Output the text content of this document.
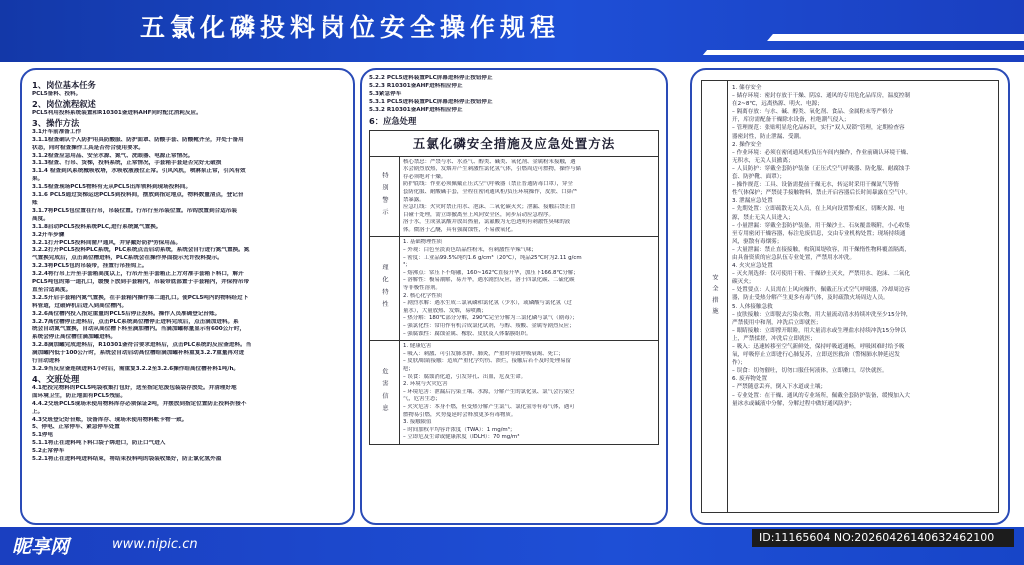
五氯化磷投料岗位安全操作规程
1、岗位基本任务
PCL5备料、投料。
2、岗位流程叙述
PCL5利用投料系统装置和R10301釜进料AHF同时配比消耗反应。
3、操作方法
3.1开车前准备工作
3.1.1检查确认个人防护用具防酸服、防护面罩、防酸手套、防酸靴齐全，并处于备用
状态，同时检查操作工具是否符合使用要求。
3.1.2检查应急用品、安全水源、氮气、洗眼器、电源正常情况。
3.1.3检查、行吊、货梯，投料系统，正常情况，手套箱手套是否完好无破损
3.1.4 检查到风系统械吸收塔，水吸收液液位正常。引风风机，喷淋泵正常，引风有效
果。
3.1.5检查现场PCL5物料有无从PCL5出库领料到现场投料间。
3.1.6 PCL5通过货梯运送PCL5到投料间，摆放到指定地点，物料数量清点，登记台
账
3.1.7将PCL5包位置在行吊，吊装位置。行吊行至吊装位置。吊钩放置到合适吊装
高度。
3.1.8启动PCL5投料系统PLC,进行系统氮气置换。
3.2开车步骤
3.2.1打开PCL5投料间窗户通风，并穿戴好防护劳保用品。
3.2.2打开PCL5投料PLC系统，PLC系统点击启动系统，系统会自行进行氮气置换。氮
气置换完成后，点击高位槽进料，PLC系统会在操作界面提示允许投料提示。
3.2.3将PCL5包的吊装带，挂置行吊挂钩上。
3.2.4将行吊上升至手套箱高度以上，行吊开至手套箱正上方对准手套箱下料口，解开
PCL5吨包的第一道扎口，缓慢下放到手套箱内，吊装带底部置于手套箱内，并保持吊带
直至合适高度。
3.2.5开启手套箱内氮气置换，在手套箱内操作第二道扎口。使PCL5吨内的物料经过下
料管道，过破碎机后进入到高位槽内。
3.2.6高位槽内投入指定重量的PCL5后停止投料。操作人员准确登记台账。
3.2.7高位槽停止进料后，点击PLC系统高位槽停止进料完成后，点击滴加进料。系
统会自动氮气置换，自动从高位槽下料至滴加槽内。当滴加罐称量显示有600公斤时，
系统会停止高位槽往滴加罐进料。
3.2.8滴加罐完成进料后，R10301釜符合要求进料后，点击PLC系统的反应釜进料。当
滴加罐内低于100公斤时，系统会自动启动高位槽给滴加罐补料重复3.2.7重量再对进
行自动进料
3.2.9当反应釜连续进料1小时后，需重复3.2.2至3.2.6操作给高位槽补料1吨/h。
4、交班处理
4.1把投完物料的PCL5吨袋收集打包好，送至指定危废包装袋存放处。并清理好地
面环境卫生，防止地面有PCL5残留。
4.4.2交班PCL5现场未使用物料库存必须保证2吨，并摆放到指定位置防止投料折接不
上。
4.3交班登记好台账，设备库存、现场未使用物料帐卡物一致。
5、停电、正常停车、紧急停车处置
5.1停电
5.1.1将正在进料吨下料口袋子绑进口，防止口气进入
5.2正常停车
5.2.1将正在进料吨进料结束，将结束投料吨的袋装收集好，防止氯化氢外溢
5.2.2 PCL5进料装置PLC屏幕进料停止按钮停止
5.2.3 R10301釜AHF进料相应停止
5.3紧急停车
5.3.1 PCL5进料装置PLC屏幕进料停止按钮停止
5.3.2 R10301釜AHF进料相应停止
6：应急处理
五氯化磷安全措施及应急处置方法
特别警示
核心禁忌：严禁与水、水蒸气、醇类、碱类、氧化剂、金属粉末接触，遇
水会剧烈放热，发烟并产生刺激性氯化氢气体，引燃周边可燃物，操作与储
存必须绝对干燥。
防护底线：作业必须佩戴正压式空气呼吸器（禁止普通防毒口罩），穿全
套防化服、耐酸碱手套，全程在密闭通风柜/负压环境操作，皮肤、口鼻严
禁暴露。
应急红线：火灾时禁止用水、泡沫、二氧化碳灭火；泄漏、接触后禁止冒
目碰干处理，需立即撤离至上风向安全区，同步启动应急程序。
溶于水，生成氢氯酸并放出热量，氯氟酸为无色透明有刺激性臭味的液
体。微溶于乙醚，具有强腐蚀性，不易被氧化。
理化特性
1. 基础物理性质
– 外观：白色至淡黄色结晶性粉末，有刺激性辛辣气味；
– 密度：工业品99.5%纯约1.6 g/cm³（20℃），纯品25℃时为2.11 g/cm
³；
– 熔沸点：常压下不熔融，160~162℃直接升华，加压下166.8℃分解；
– 溶解性：极易潮解，易升华，遇水剧烈反应，溶于四氯化碳、二硫化碳
等非极性溶剂。
2. 核心化学性质
– 剧烈水解：遇水生成三氯氧磷和氯化氢（少水），或磷酸与氯化氢（过
量水），大量放热、发烟，易喷溅；
– 热分解：180℃部分分解，290℃完全分解为三氯化磷与氯气（剧毒）；
– 强氯化性：常用作有机合成氯化试剂，与醇、羧酸、金属等剧烈反应；
– 强腐蚀性：腐蚀金属、橡胶、皮肤及人体黏膜组织。
危害信息
1. 健康危害
– 吸入：刺激、可引发肺水肿、肺炎，严重时导致呼吸衰竭、死亡；
– 皮肤/眼睛接触：造成严重化学灼伤、溃烂，接触后若不及时处理易留
疤；
– 误食：腐蚀消化道，引发穿孔、出血，危及生命。
2. 环境与火灾危害
– 环境危害：泄漏后污染土壤、水源，分解产生的氯化氢、氯气会污染空
气，危害生态；
– 火灾危害：本身不燃，但受热分解产生氯气、氯化氢等有毒气体，遇可
燃物易引燃，火势蔓延时会释放更多有毒物质。
3. 接触限值
– 时间加权平均容许浓度（TWA）：1 mg/m³；
– 立即危及生命或健康浓度（IDLH）：70 mg/m³
安全措施
1. 储存安全
– 储存环境：密封存放于干燥、阴凉、通风的专用危化品库房，温度控制
在2~8℃，远离热源、明火、电源；
– 隔离存放：与水、碱、醇类、氧化剂、食品、金属粉末等严格分
开，库房需配备干燥除水设备，杜绝潮气侵入；
– 管理规范：张贴明显危化品标识，实行“双人双锁”管理，定期检查容
器密封性，防止泄漏、受潮。
2. 操作安全
– 作业环境：必须在密闭通风柜/负压车间内操作，作业前确认环境干燥、
无积水，无关人员撤离；
– 人员防护：穿戴全套防护装备（正压式空气呼吸器、防化服、耐腐蚀手
套、防护靴、面罩）；
– 操作规范：工具、设备需提前干燥无水，转运时采用干燥氮气等惰
性气体保护；严禁徒手接触物料，禁止开启容器后长时间暴露在空气中。
3. 泄漏应急处置
– 先期处置：立即疏散无关人员，在上风向设置警戒区，切断火源、电
源，禁止无关人员进入；
– 小量泄漏：穿戴全套防护装备，用干燥沙土、石灰覆盖吸附，小心收集
至专用密闭干燥容器，标注危废信息，交由专业机构处置；现场持续通
风，驱散有毒烟雾；
– 大量泄漏：禁止直接接触，构筑围堤收容，用干燥惰性物料覆盖隔离，
由具备资质的应急队伍专业处置，严禁用水冲洗。
4. 火灾应急处置
– 灭火剂选择：仅可使用干粉、干燥砂土灭火，严禁用水、泡沫、二氧化
碳灭火；
– 处置要点：人员需在上风向操作，佩戴正压式空气呼吸器，冷却周边容
器，防止受热分解产生更多有毒气体，及时疏散火场周边人员。
5. 人体接触急救
– 皮肤接触：立即脱去污染衣物，用大量流动清水持续冲洗至少15分钟，
严禁使用中和剂，冲洗后立即就医；
– 眼睛接触：立即撑开眼睑，用大量清水或生理盐水持续冲洗15分钟以
上，严禁揉搓，冲洗后立即就医；
– 吸入：迅速转移至空气新鲜处，保持呼吸道通畅，呼吸困难时给予吸
氧，呼吸停止立即进行心肺复苏，立即送医救治（警惕肺水肿延迟发
作）；
– 误食：切勿催吐，切勿口服任何液体，立即漱口，尽快就医。
6. 废弃物处置
– 严禁随意丢弃，倒入下水道或土壤；
– 专业处置：在干燥、通风的专业场所，佩戴全套防护装备，缓慢加入大
量冰水或碱液中分解，分解过程中做好通风防护；
昵享网	www.nipic.cn	ID:11165604 NO:20260426140632462100
